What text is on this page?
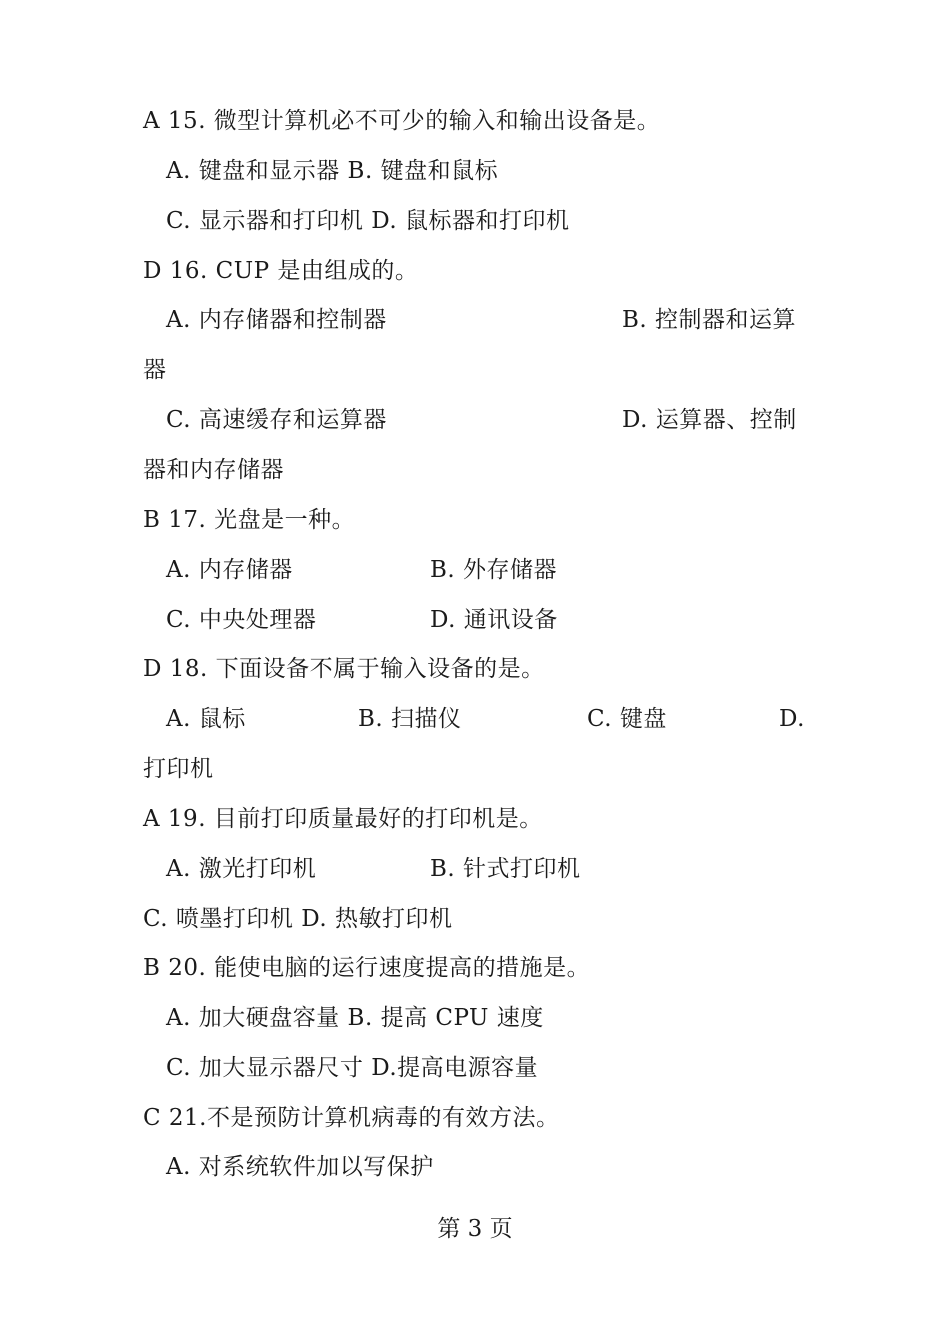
A 15. 微型计算机必不可少的输入和输出设备是。
A. 键盘和显示器 B. 键盘和鼠标
C. 显示器和打印机 D. 鼠标器和打印机
D 16. CUP 是由组成的。
A. 内存储器和控制器	B. 控制器和运算
器
C. 高速缓存和运算器	D. 运算器、控制
器和内存储器
B 17. 光盘是一种。
A. 内存储器	B. 外存储器
C. 中央处理器	D. 通讯设备
D 18. 下面设备不属于输入设备的是。
A. 鼠标	B. 扫描仪	C. 键盘	D.
打印机
A 19. 目前打印质量最好的打印机是。
A. 激光打印机	B. 针式打印机
C. 喷墨打印机 D. 热敏打印机
B 20. 能使电脑的运行速度提高的措施是。
A. 加大硬盘容量 B. 提高 CPU 速度
C. 加大显示器尺寸 D.提高电源容量
C 21.不是预防计算机病毒的有效方法。
A. 对系统软件加以写保护
第 3 页
